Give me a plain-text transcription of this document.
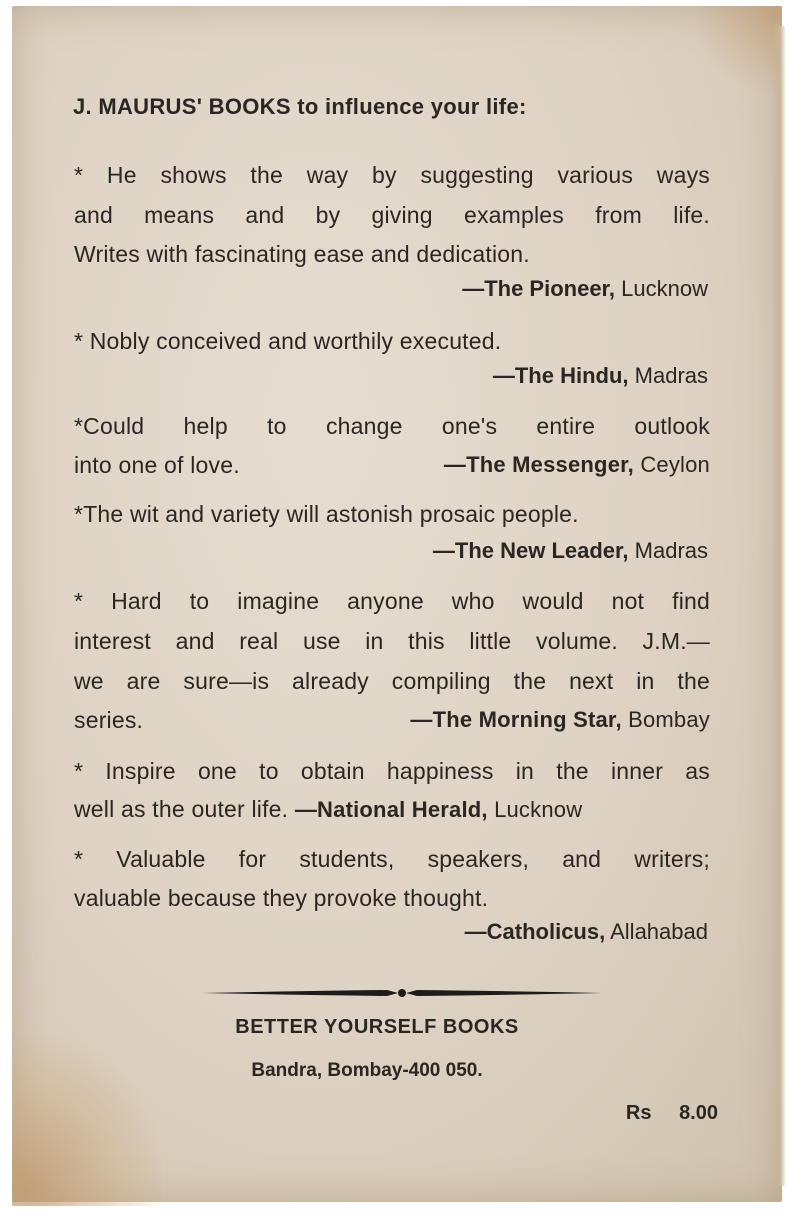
J. MAURUS' BOOKS to influence your life:
* He shows the way by suggesting various ways
and means and by giving examples from life.
Writes with fascinating ease and dedication.
—The Pioneer, Lucknow
* Nobly conceived and worthily executed.
—The Hindu, Madras
*Could help to change one's entire outlook
into one of love.	—The Messenger, Ceylon
*The wit and variety will astonish prosaic people.
—The New Leader, Madras
* Hard to imagine anyone who would not find
interest and real use in this little volume. J.M.—
we are sure—is already compiling the next in the
series.	—The Morning Star, Bombay
* Inspire one to obtain happiness in the inner as
well as the outer life. —National Herald, Lucknow
* Valuable for students, speakers, and writers;
valuable because they provoke thought.
—Catholicus, Allahabad
BETTER YOURSELF BOOKS
Bandra, Bombay-400 050.
Rs 8.00
